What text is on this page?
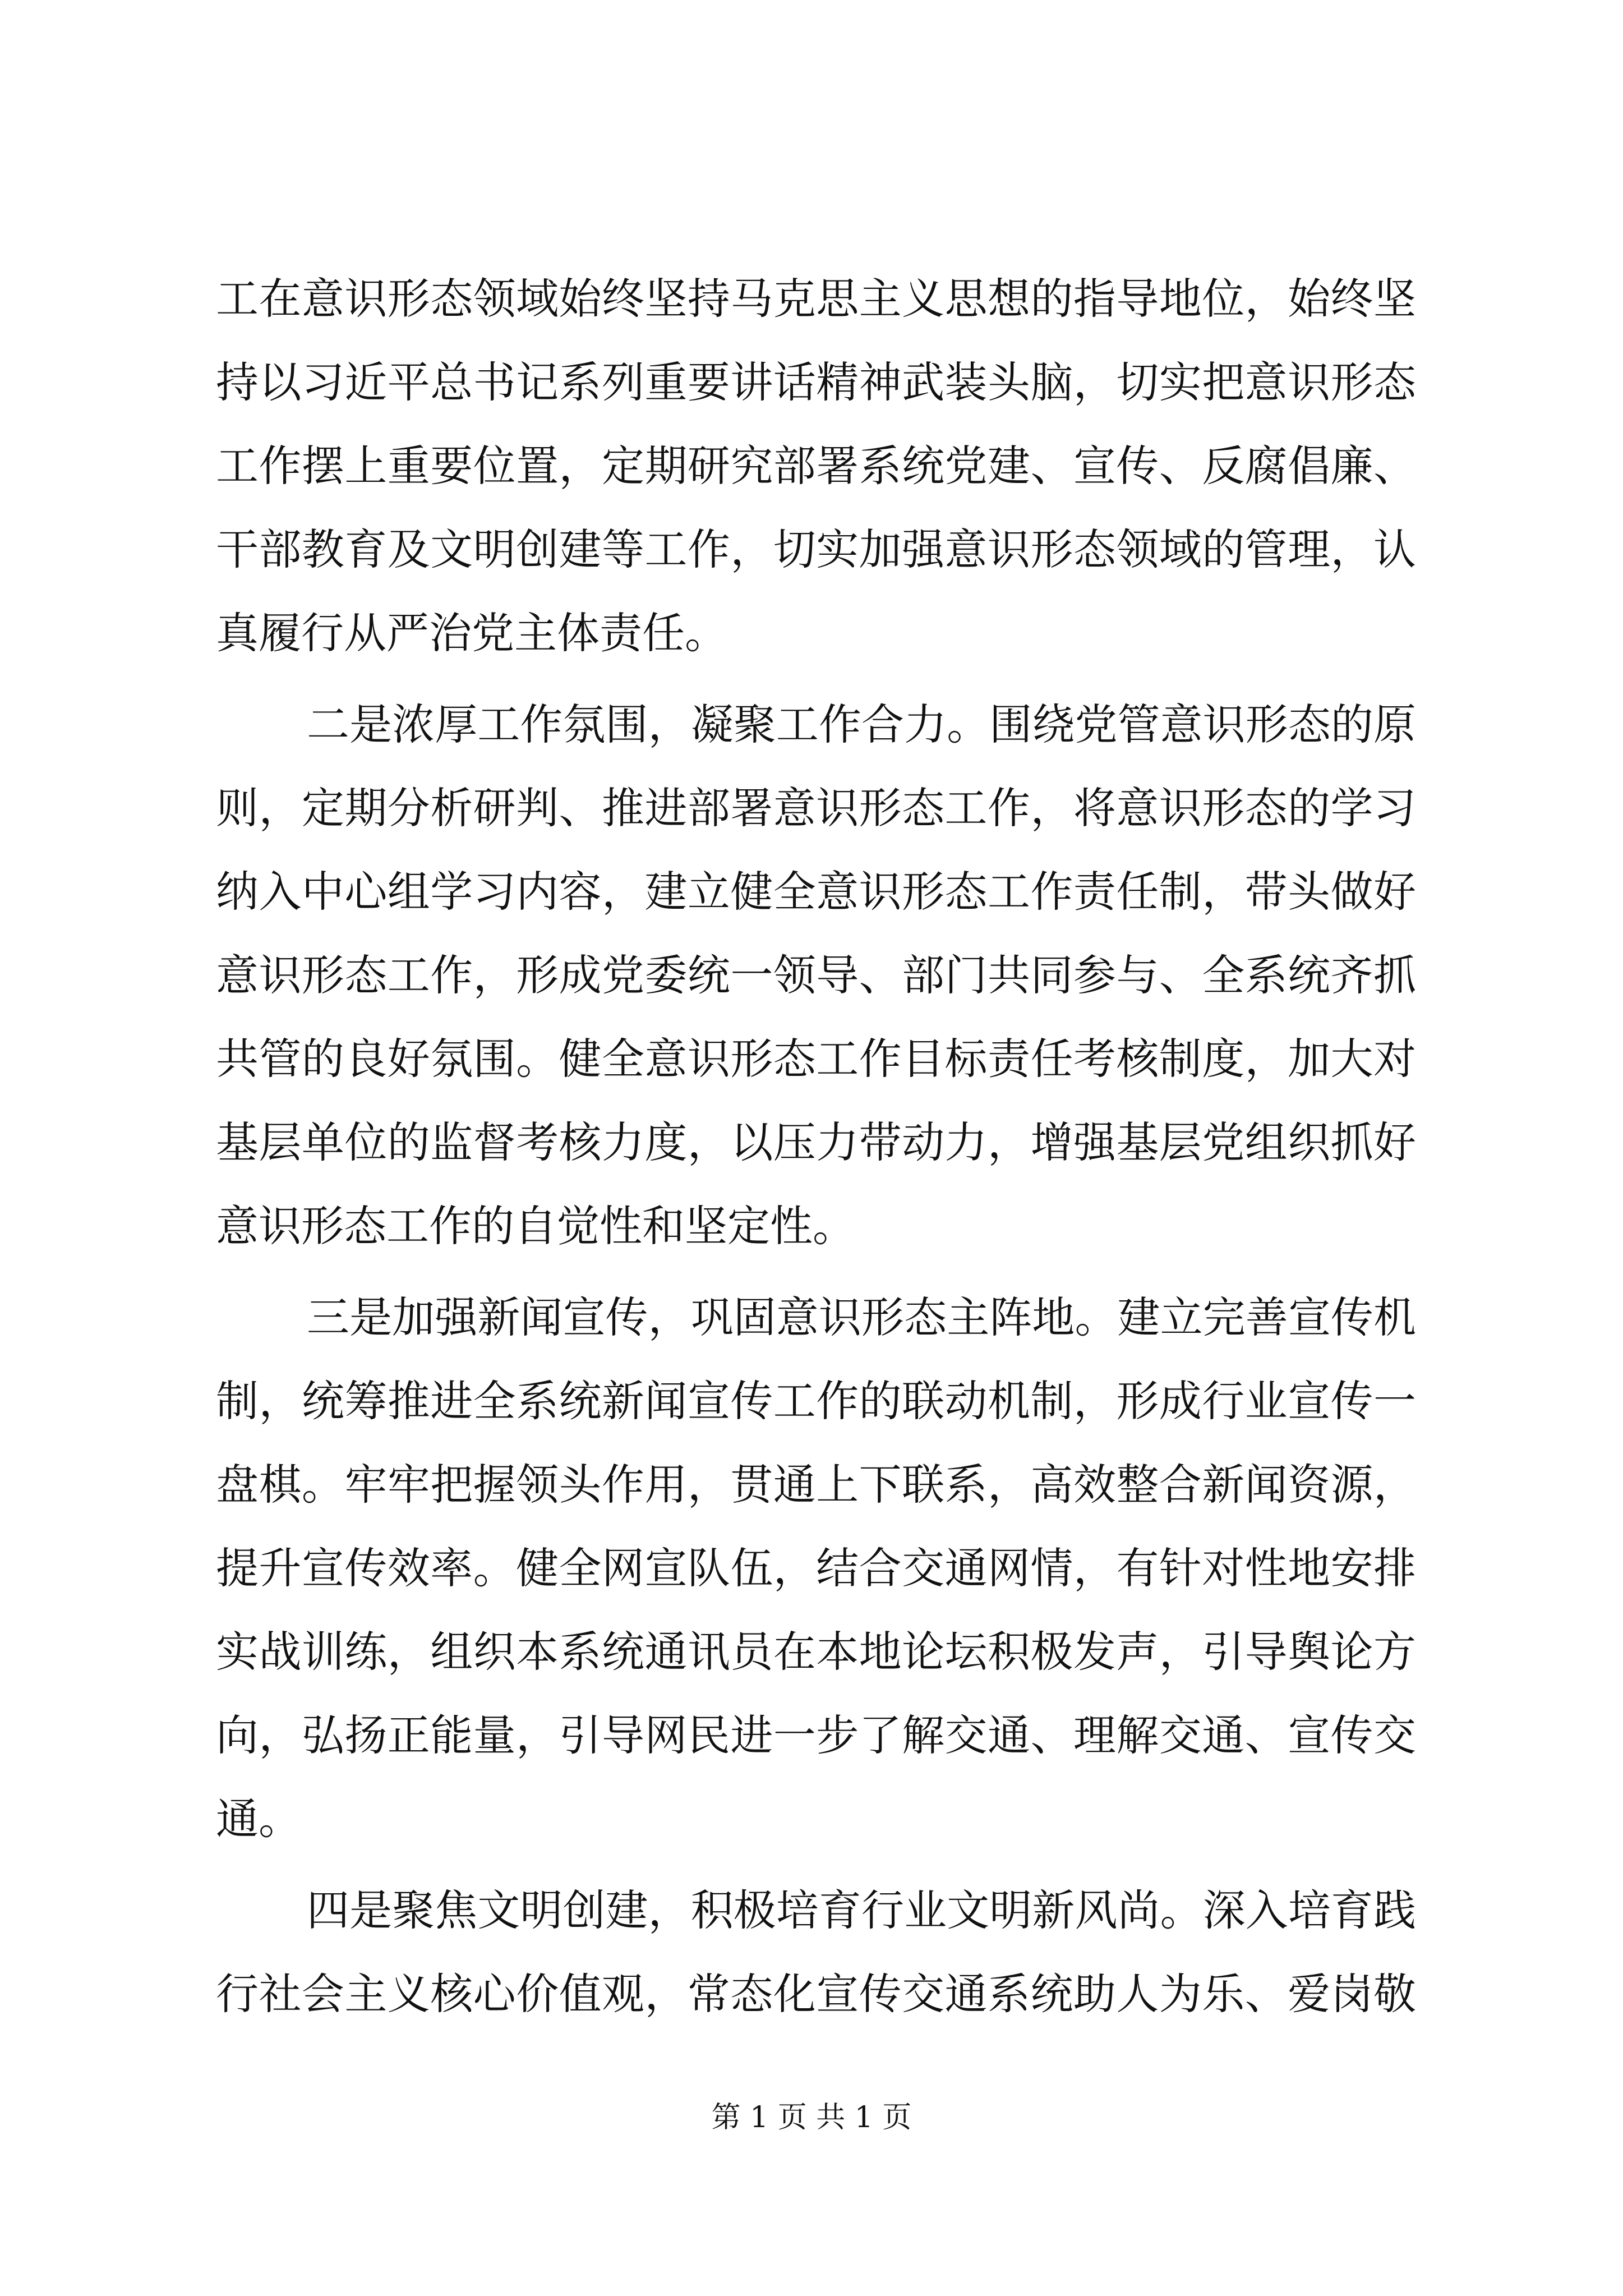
工在意识形态领域始终坚持马克思主义思想的指导地位，始终坚
持以习近平总书记系列重要讲话精神武装头脑，切实把意识形态
工作摆上重要位置，定期研究部署系统党建、宣传、反腐倡廉、
干部教育及文明创建等工作，切实加强意识形态领域的管理，认
真履行从严治党主体责任。
二是浓厚工作氛围，凝聚工作合力。围绕党管意识形态的原
则，定期分析研判、推进部署意识形态工作，将意识形态的学习
纳入中心组学习内容，建立健全意识形态工作责任制，带头做好
意识形态工作，形成党委统一领导、部门共同参与、全系统齐抓
共管的良好氛围。健全意识形态工作目标责任考核制度，加大对
基层单位的监督考核力度，以压力带动力，增强基层党组织抓好
意识形态工作的自觉性和坚定性。
三是加强新闻宣传，巩固意识形态主阵地。建立完善宣传机
制，统筹推进全系统新闻宣传工作的联动机制，形成行业宣传一
盘棋。牢牢把握领头作用，贯通上下联系，高效整合新闻资源，
提升宣传效率。健全网宣队伍，结合交通网情，有针对性地安排
实战训练，组织本系统通讯员在本地论坛积极发声，引导舆论方
向，弘扬正能量，引导网民进一步了解交通、理解交通、宣传交
通。
四是聚焦文明创建，积极培育行业文明新风尚。深入培育践
行社会主义核心价值观，常态化宣传交通系统助人为乐、爱岗敬
第 1 页 共 1 页
